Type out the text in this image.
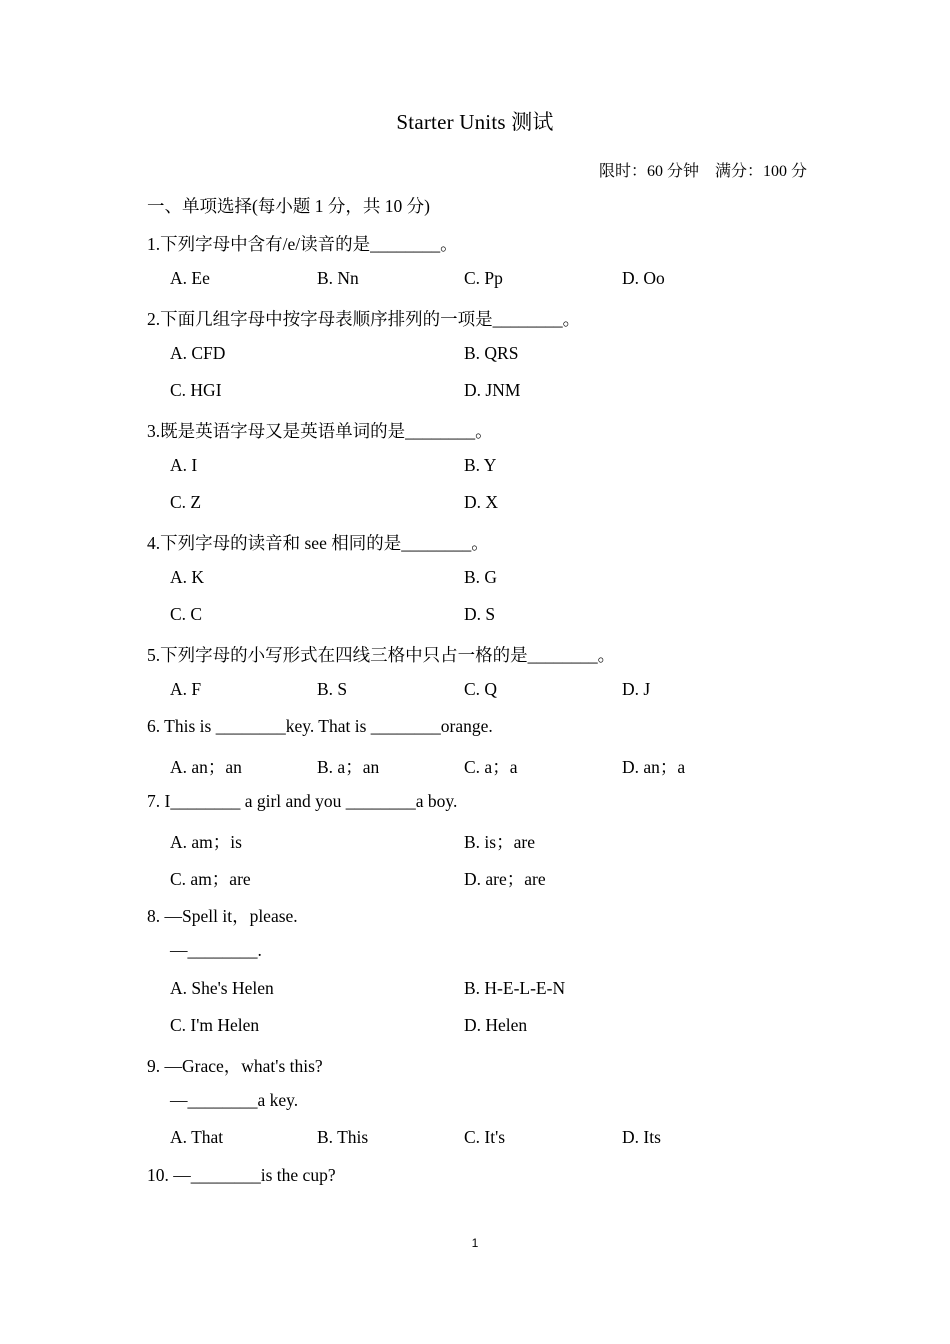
Starter Units 测试
限时：60 分钟    满分：100 分
一、单项选择(每小题 1 分，共 10 分)
1.下列字母中含有/e/读音的是________。
A. Ee	B. Nn	C. Pp	D. Oo
2.下面几组字母中按字母表顺序排列的一项是________。
A. CFD	B. QRS
C. HGI	D. JNM
3.既是英语字母又是英语单词的是________。
A. I	B. Y
C. Z	D. X
4.下列字母的读音和 see 相同的是________。
A. K	B. G
C. C	D. S
5.下列字母的小写形式在四线三格中只占一格的是________。
A. F	B. S	C. Q	D. J
6. This is ________key. That is ________orange.
A. an；an	B. a；an	C. a；a	D. an；a
7. I________ a girl and you ________a boy.
A. am；is	B. is；are
C. am；are	D. are；are
8. —Spell it，please.
—________.
A. She's Helen	B. H-E-L-E-N
C. I'm Helen	D. Helen
9. —Grace，what's this?
—________a key.
A. That	B. This	C. It's	D. Its
10. —________is the cup?
1
